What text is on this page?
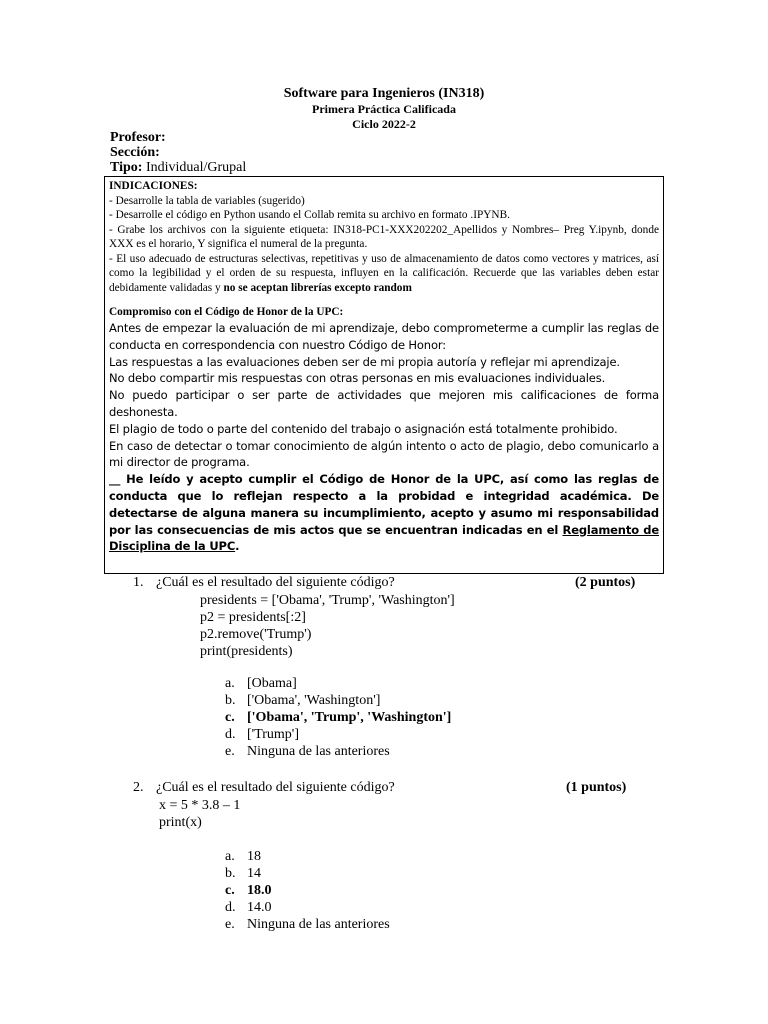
Software para Ingenieros (IN318)
Primera Práctica Calificada
Ciclo 2022-2
Profesor:
Sección:
Tipo: Individual/Grupal

INDICACIONES:

- Desarrolle la tabla de variables (sugerido)

- Desarrolle el código en Python usando el Collab remita su archivo en formato .IPYNB.

- Grabe los archivos con la siguiente etiqueta: IN318-PC1-XXX202202_Apellidos y Nombres– Preg Y.ipynb, donde XXX es el horario, Y significa el numeral de la pregunta.

- El uso adecuado de estructuras selectivas, repetitivas y uso de almacenamiento de datos como vectores y matrices, así como la legibilidad y el orden de su respuesta, influyen en la calificación. Recuerde que las variables deben estar debidamente validadas y no se aceptan librerías excepto random

Compromiso con el Código de Honor de la UPC:

Antes de empezar la evaluación de mi aprendizaje, debo comprometerme a cumplir las reglas de conducta en correspondencia con nuestro Código de Honor:

Las respuestas a las evaluaciones deben ser de mi propia autoría y reflejar mi aprendizaje.

No debo compartir mis respuestas con otras personas en mis evaluaciones individuales.

No puedo participar o ser parte de actividades que mejoren mis calificaciones de forma deshonesta.

El plagio de todo o parte del contenido del trabajo o asignación está totalmente prohibido.

En caso de detectar o tomar conocimiento de algún intento o acto de plagio, debo comunicarlo a mi director de programa.

__ He leído y acepto cumplir el Código de Honor de la UPC, así como las reglas de conducta que lo reflejan respecto a la probidad e integridad académica. De detectarse de alguna manera su incumplimiento, acepto y asumo mi responsabilidad por las consecuencias de mis actos que se encuentran indicadas en el Reglamento de Disciplina de la UPC.

1. ¿Cuál es el resultado del siguiente código?	(2 puntos)
presidents = ['Obama', 'Trump', 'Washington']
p2 = presidents[:2]
p2.remove('Trump')
print(presidents)
a. [Obama]
b. ['Obama', 'Washington']
c. ['Obama', 'Trump', 'Washington']
d. ['Trump']
e. Ninguna de las anteriores
2. ¿Cuál es el resultado del siguiente código?	(1 puntos)
x = 5 * 3.8 – 1
print(x)
a. 18
b. 14
c. 18.0
d. 14.0
e. Ninguna de las anteriores
